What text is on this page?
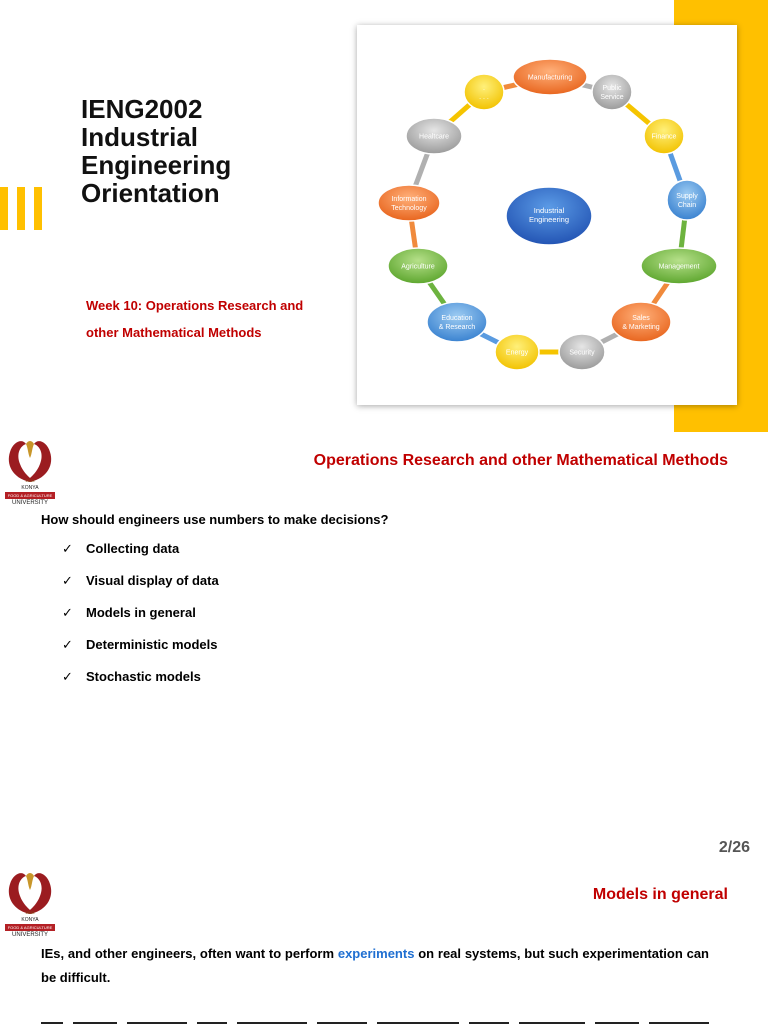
IENG2002
Industrial
Engineering
Orientation
Week 10: Operations Research and other Mathematical Methods
Manufacturing
Public Service
Finance
Supply Chain
Management
Sales & Marketing
Security
Energy
Education & Research
Agriculture
Information Technology
Healtcare
. . . .
Industrial Engineering
2013
KONYA
FOOD & AGRICULTURE
UNIVERSITY
Operations Research and other Mathematical Methods
How should engineers use numbers to make decisions?
✓ Collecting data
✓ Visual display of data
✓ Models in general
✓ Deterministic models
✓ Stochastic models
2/26
2013
KONYA
FOOD & AGRICULTURE
UNIVERSITY
Models in general

IEs, and other engineers, often want to perform experiments on real systems, but such experimentation can be difficult.
